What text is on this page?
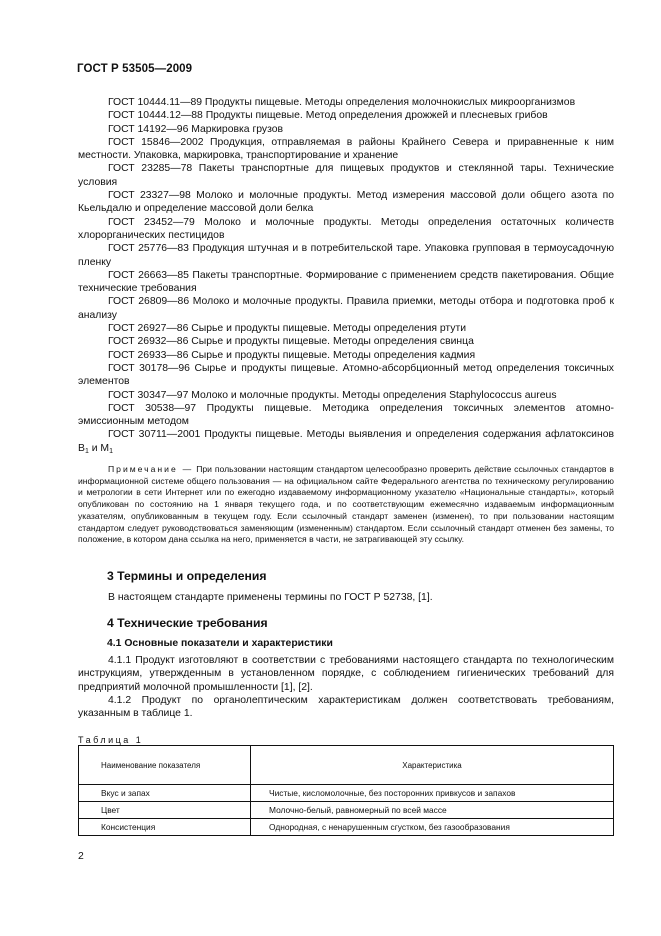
ГОСТ Р 53505—2009

ГОСТ 10444.11—89 Продукты пищевые. Методы определения молочнокислых микроорганизмов

ГОСТ 10444.12—88 Продукты пищевые. Метод определения дрожжей и плесневых грибов

ГОСТ 14192—96 Маркировка грузов

ГОСТ 15846—2002 Продукция, отправляемая в районы Крайнего Севера и приравненные к ним местности. Упаковка, маркировка, транспортирование и хранение

ГОСТ 23285—78 Пакеты транспортные для пищевых продуктов и стеклянной тары. Технические условия

ГОСТ 23327—98 Молоко и молочные продукты. Метод измерения массовой доли общего азота по Кьельдалю и определение массовой доли белка

ГОСТ 23452—79 Молоко и молочные продукты. Методы определения остаточных количеств хлорорганических пестицидов

ГОСТ 25776—83 Продукция штучная и в потребительской таре. Упаковка групповая в термоусадочную пленку

ГОСТ 26663—85 Пакеты транспортные. Формирование с применением средств пакетирования. Общие технические требования

ГОСТ 26809—86 Молоко и молочные продукты. Правила приемки, методы отбора и подготовка проб к анализу

ГОСТ 26927—86 Сырье и продукты пищевые. Методы определения ртути

ГОСТ 26932—86 Сырье и продукты пищевые. Методы определения свинца

ГОСТ 26933—86 Сырье и продукты пищевые. Методы определения кадмия

ГОСТ 30178—96 Сырье и продукты пищевые. Атомно-абсорбционный метод определения токсичных элементов

ГОСТ 30347—97 Молоко и молочные продукты. Методы определения Staphylococcus aureus

ГОСТ 30538—97 Продукты пищевые. Методика определения токсичных элементов атомно-эмиссионным методом

ГОСТ 30711—2001 Продукты пищевые. Методы выявления и определения содержания афлатоксинов $B_1$ и $M_1$

Примечание — При пользовании настоящим стандартом целесообразно проверить действие ссылочных стандартов в информационной системе общего пользования — на официальном сайте Федерального агентства по техническому регулированию и метрологии в сети Интернет или по ежегодно издаваемому информационному указателю «Национальные стандарты», который опубликован по состоянию на 1 января текущего года, и по соответствующим ежемесячно издаваемым информационным указателям, опубликованным в текущем году. Если ссылочный стандарт заменен (изменен), то при пользовании настоящим стандартом следует руководствоваться заменяющим (измененным) стандартом. Если ссылочный стандарт отменен без замены, то положение, в котором дана ссылка на него, применяется в части, не затрагивающей эту ссылку.

3 Термины и определения
В настоящем стандарте применены термины по ГОСТ Р 52738, [1].
4 Технические требования
4.1 Основные показатели и характеристики
4.1.1 Продукт изготовляют в соответствии с требованиями настоящего стандарта по технологическим инструкциям, утвержденным в установленном порядке, с соблюдением гигиенических требований для предприятий молочной промышленности [1], [2].
4.1.2 Продукт по органолептическим характеристикам должен соответствовать требованиям, указанным в таблице 1.
Таблица 1
Наименование показателя	Характеристика
Вкус и запах	Чистые, кисломолочные, без посторонних привкусов и запахов
Цвет	Молочно-белый, равномерный по всей массе
Консистенция	Однородная, с ненарушенным сгустком, без газообразования
2
